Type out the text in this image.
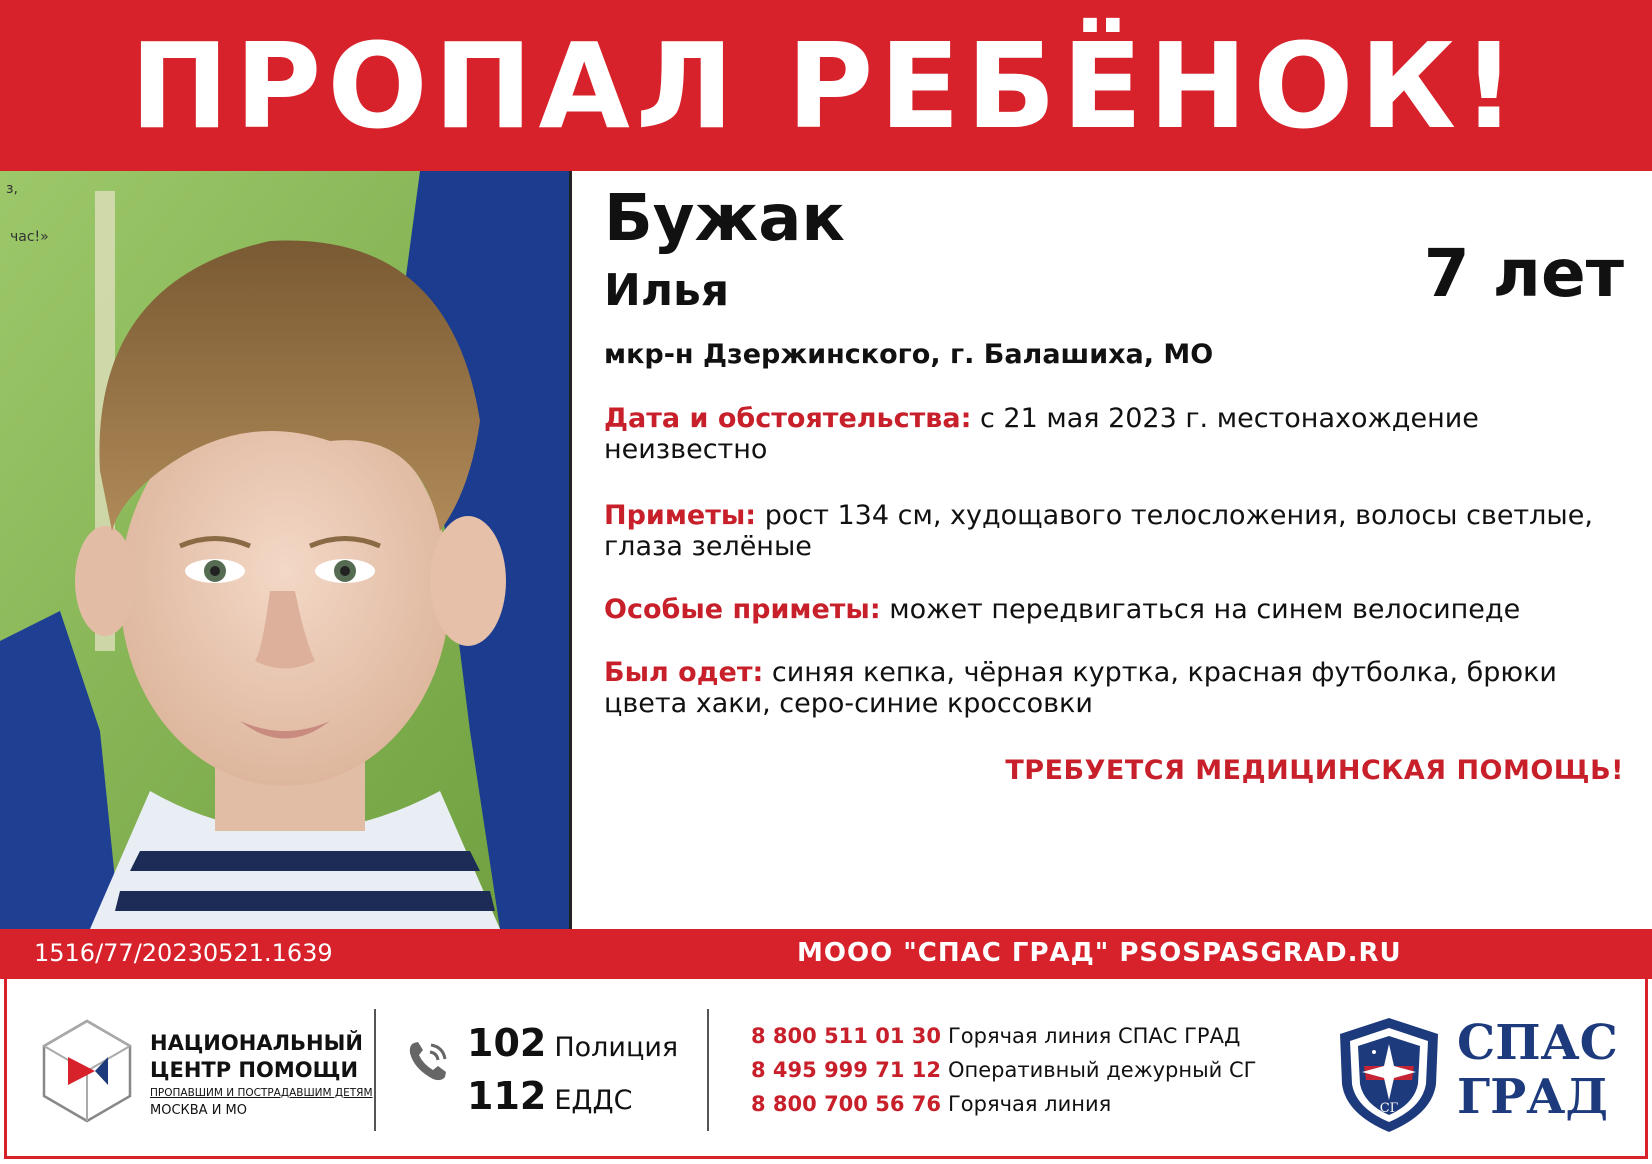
ПРОПАЛ РЕБЁНОК!
з,
час!»	Бужак
Илья	7 лет
мкр-н Дзержинского, г. Балашиха, МО
Дата и обстоятельства: с 21 мая 2023 г. местонахождение неизвестно
Приметы: рост 134 см, худощавого телосложения, волосы светлые, глаза зелёные
Особые приметы: может передвигаться на синем велосипеде
Был одет: синяя кепка, чёрная куртка, красная футболка, брюки цвета хаки, серо-синие кроссовки
ТРЕБУЕТСЯ МЕДИЦИНСКАЯ ПОМОЩЬ!
1516/77/20230521.1639	МООО "СПАС ГРАД" PSOSPASGRAD.RU
НАЦИОНАЛЬНЫЙ
ЦЕНТР ПОМОЩИ
ПРОПАВШИМ И ПОСТРАДАВШИМ ДЕТЯМ
МОСКВА И МО
102 Полиция
112 ЕДДС
8 800 511 01 30 Горячая линия СПАС ГРАД
8 495 999 71 12 Оперативный дежурный СГ
8 800 700 56 76 Горячая линия	СГ
СПАС
ГРАД
